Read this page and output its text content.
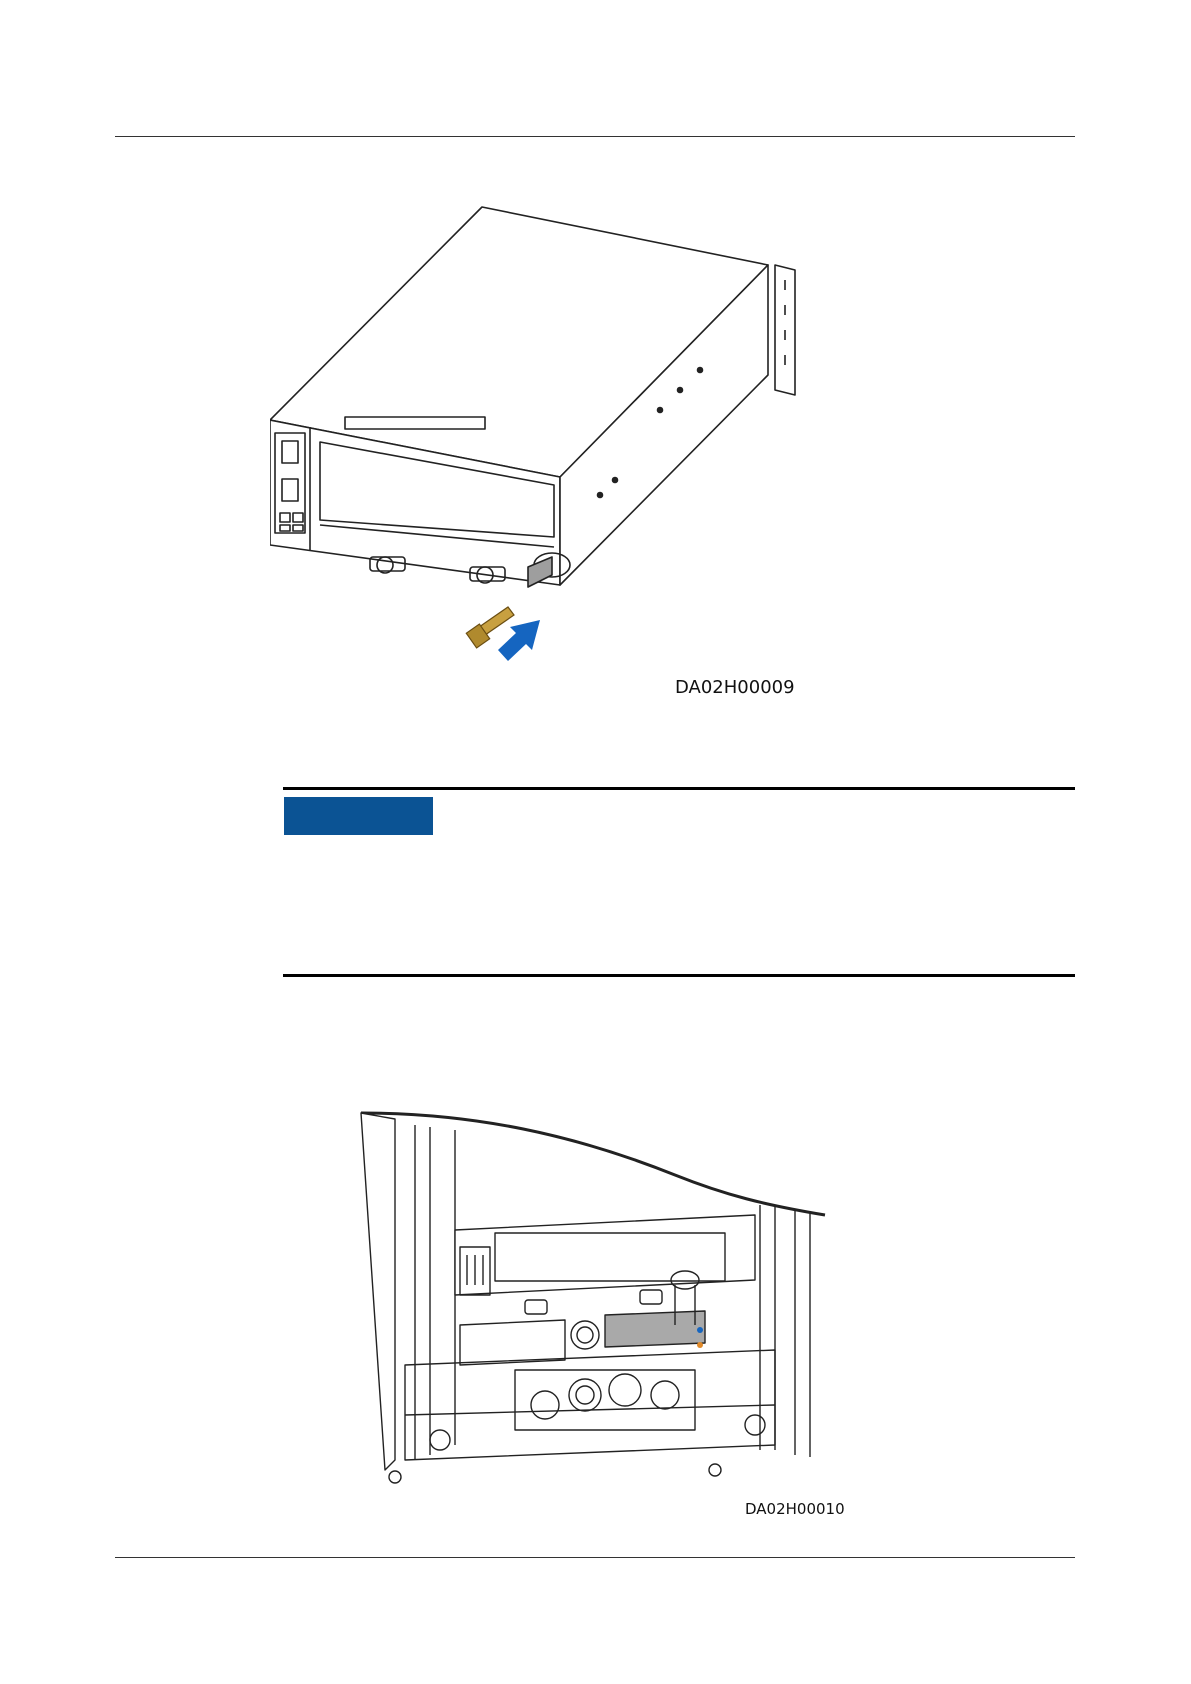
DA02H00009
DA02H00010
